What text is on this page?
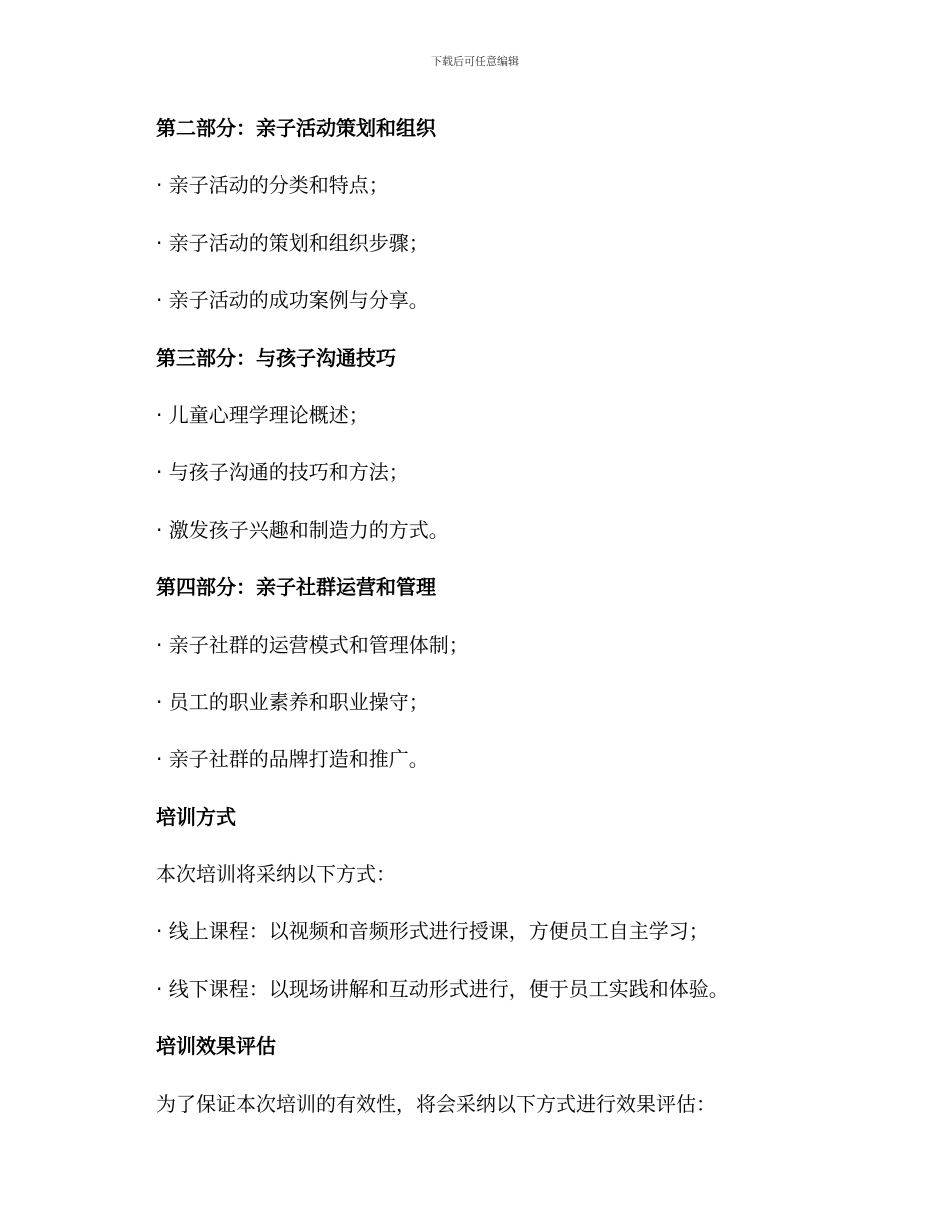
下载后可任意编辑
第二部分：亲子活动策划和组织
· 亲子活动的分类和特点；
· 亲子活动的策划和组织步骤；
· 亲子活动的成功案例与分享。
第三部分：与孩子沟通技巧
· 儿童心理学理论概述；
· 与孩子沟通的技巧和方法；
· 激发孩子兴趣和制造力的方式。
第四部分：亲子社群运营和管理
· 亲子社群的运营模式和管理体制；
· 员工的职业素养和职业操守；
· 亲子社群的品牌打造和推广。
培训方式
本次培训将采纳以下方式：
· 线上课程：以视频和音频形式进行授课，方便员工自主学习；
· 线下课程：以现场讲解和互动形式进行，便于员工实践和体验。
培训效果评估
为了保证本次培训的有效性，将会采纳以下方式进行效果评估：
